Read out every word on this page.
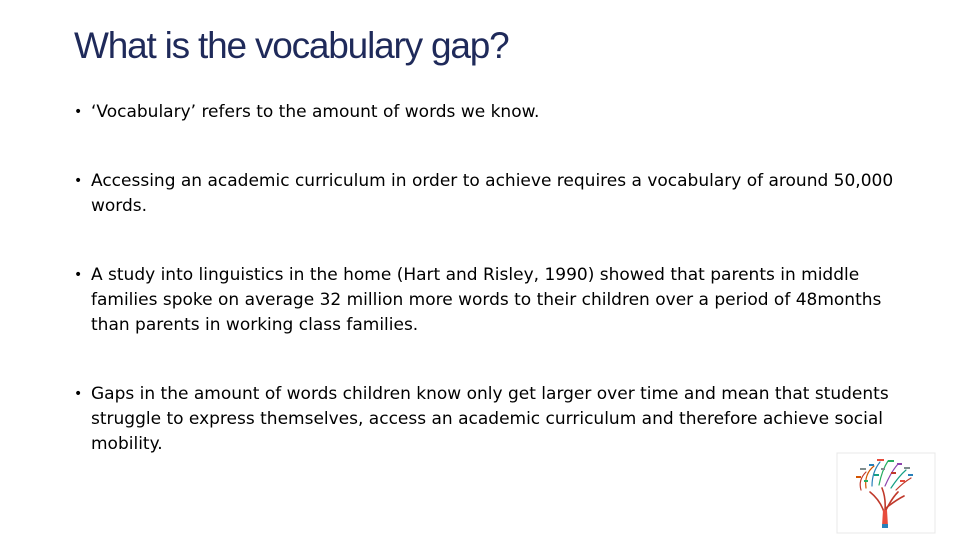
What is the vocabulary gap?
• ‘Vocabulary’ refers to the amount of words we know.
• Accessing an academic curriculum in order to achieve requires a vocabulary of around 50,000 words.
• A study into linguistics in the home (Hart and Risley, 1990) showed that parents in middle families spoke on average 32 million more words to their children over a period of 48months than parents in working class families.
• Gaps in the amount of words children know only get larger over time and mean that students struggle to express themselves, access an academic curriculum and therefore achieve social mobility.
